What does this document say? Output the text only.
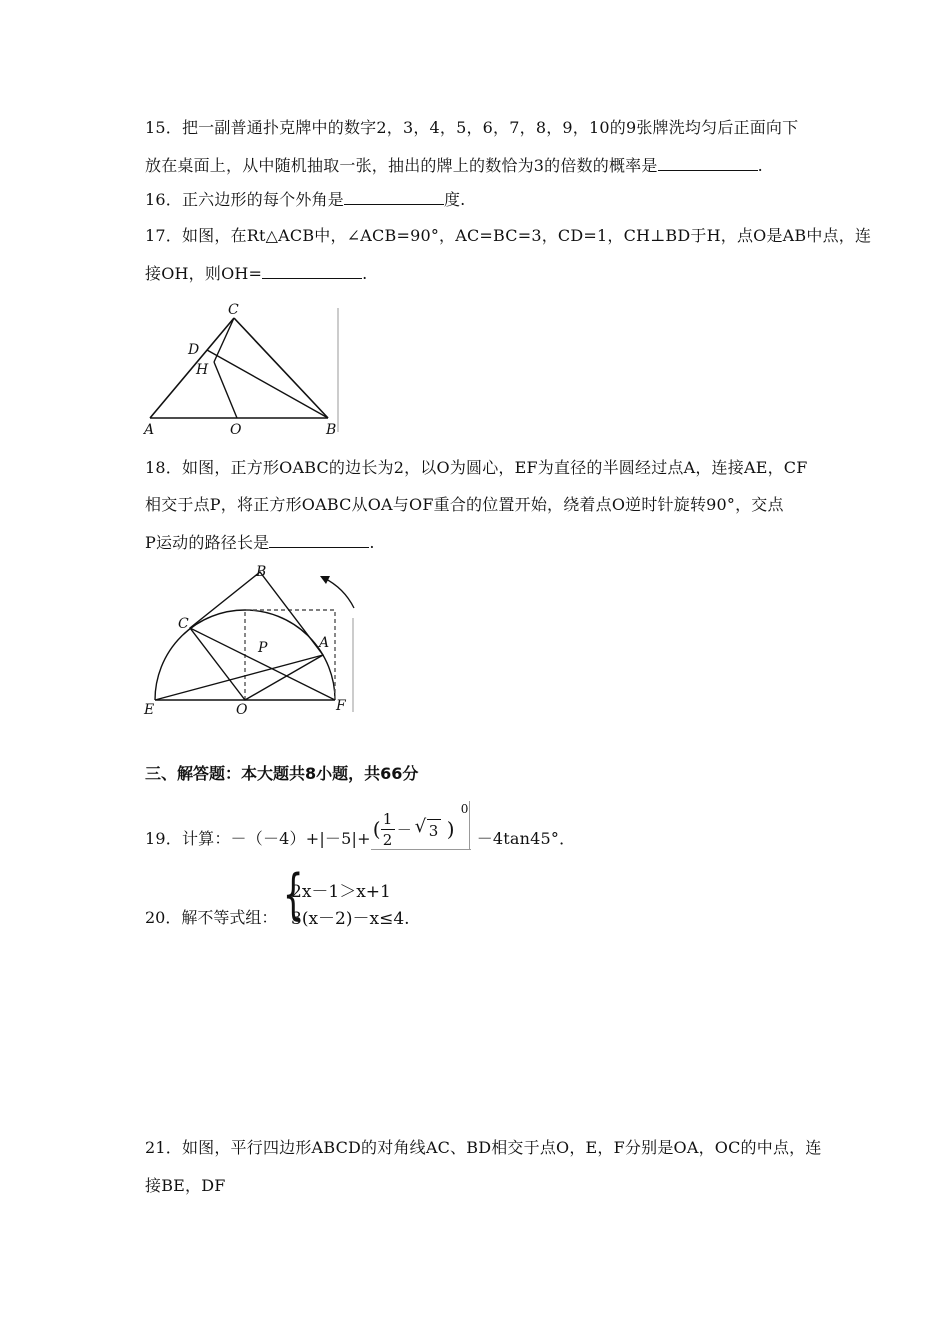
15．把一副普通扑克牌中的数字2，3，4，5，6，7，8，9，10的9张牌洗均匀后正面向下
放在桌面上，从中随机抽取一张，抽出的牌上的数恰为3的倍数的概率是	.
16．正六边形的每个外角是	度.
17．如图，在Rt△ACB中，∠ACB=90°，AC=BC=3，CD=1，CH⊥BD于H，点O是AB中点，连
接OH，则OH=	.
C
D
H
A	O	B
18．如图，正方形OABC的边长为2，以O为圆心，EF为直径的半圆经过点A，连接AE，CF
相交于点P，将正方形OABC从OA与OF重合的位置开始，绕着点O逆时针旋转90°，交点
P运动的路径长是	.
B
C
A
P
E	O	F
三、解答题：本大题共8小题，共66分
19．计算：－（－4）+|－5|+ ( 1
2
－ √ 3 )
0
－4tan45°．
20．解不等式组： {
2x－1＞x+1
3(x－2)－x≤4.
21．如图，平行四边形ABCD的对角线AC、BD相交于点O，E，F分别是OA，OC的中点，连
接BE，DF
